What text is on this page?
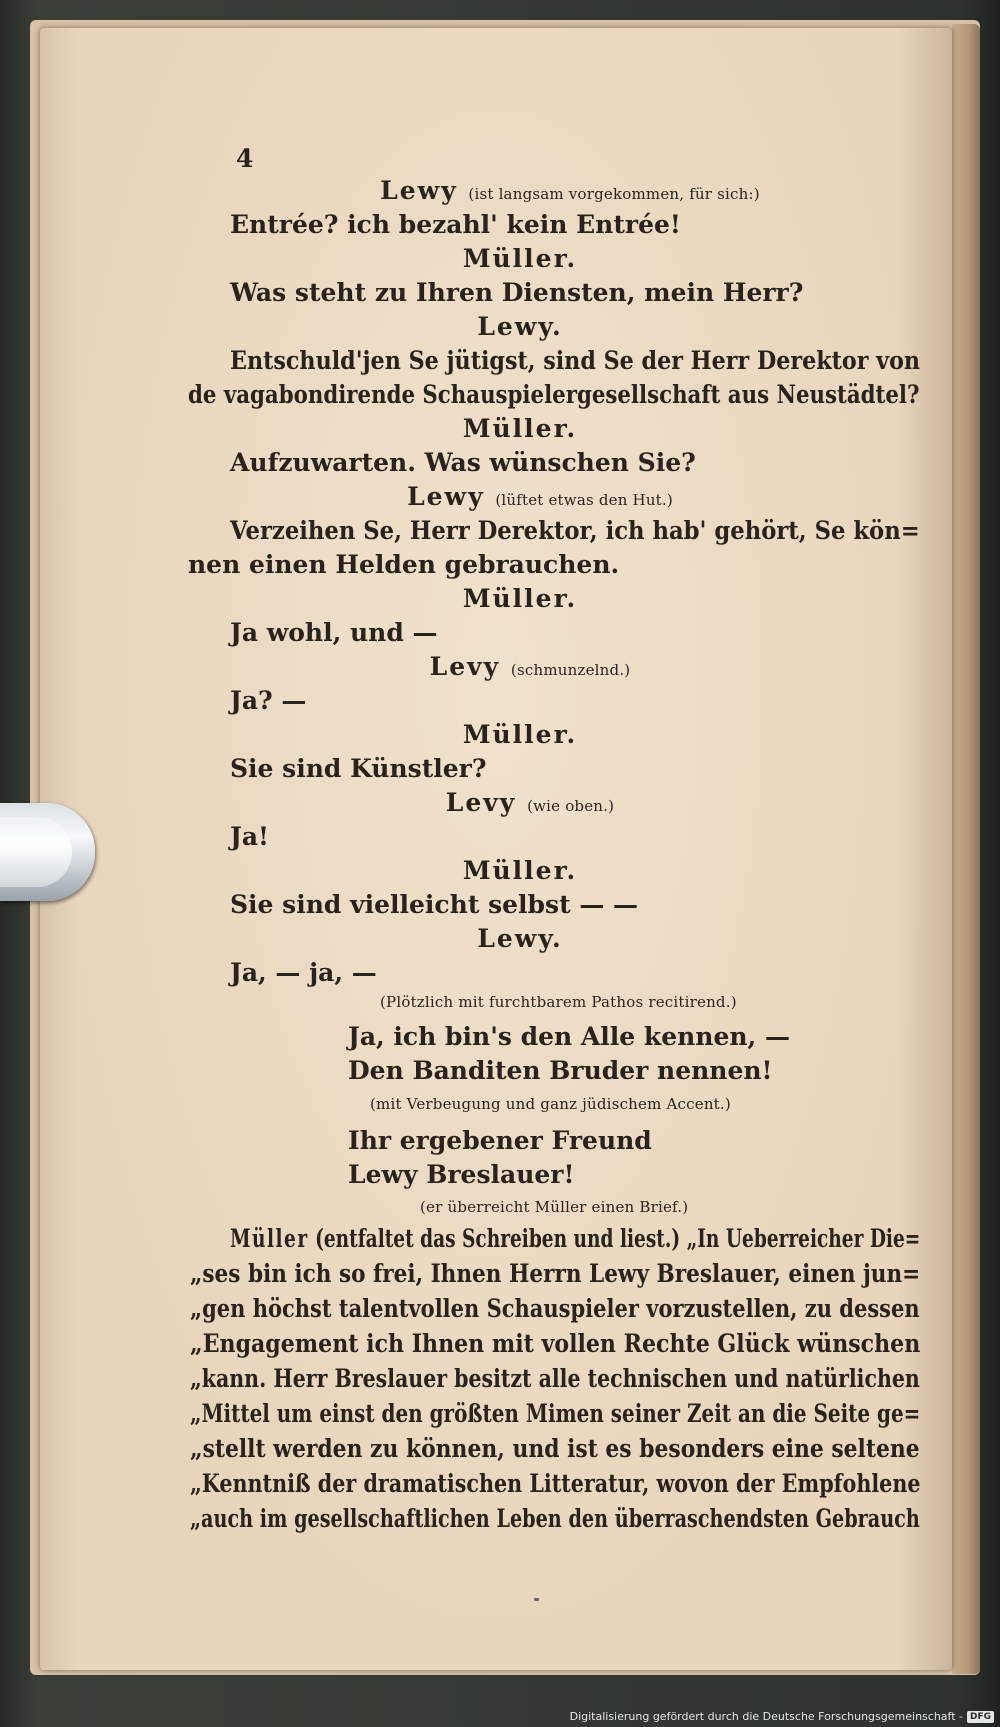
4
Lewy (ist langsam vorgekommen, für sich:)
Entrée? ich bezahl' kein Entrée!
Müller.
Was steht zu Ihren Diensten, mein Herr?
Lewy.
Entschuld'jen Se jütigst, sind Se der Herr Derektor von
de vagabondirende Schauspielergesellschaft aus Neustädtel?
Müller.
Aufzuwarten. Was wünschen Sie?
Lewy (lüftet etwas den Hut.)
Verzeihen Se, Herr Derektor, ich hab' gehört, Se kön=
nen einen Helden gebrauchen.
Müller.
Ja wohl, und —
Levy (schmunzelnd.)
Ja? —
Müller.
Sie sind Künstler?
Levy (wie oben.)
Ja!
Müller.
Sie sind vielleicht selbst — —
Lewy.
Ja, — ja, —
(Plötzlich mit furchtbarem Pathos recitirend.)
Ja, ich bin's den Alle kennen, —
Den Banditen Bruder nennen!
(mit Verbeugung und ganz jüdischem Accent.)
Ihr ergebener Freund
Lewy Breslauer!
(er überreicht Müller einen Brief.)
Müller (entfaltet das Schreiben und liest.) „In Ueberreicher Die=
„ses bin ich so frei, Ihnen Herrn Lewy Breslauer, einen jun=
„gen höchst talentvollen Schauspieler vorzustellen, zu dessen
„Engagement ich Ihnen mit vollen Rechte Glück wünschen
„kann. Herr Breslauer besitzt alle technischen und natürlichen
„Mittel um einst den größten Mimen seiner Zeit an die Seite ge=
„stellt werden zu können, und ist es besonders eine seltene
„Kenntniß der dramatischen Litteratur, wovon der Empfohlene
„auch im gesellschaftlichen Leben den überraschendsten Gebrauch
Digitalisierung gefördert durch die Deutsche Forschungsgemeinschaft - DFG
